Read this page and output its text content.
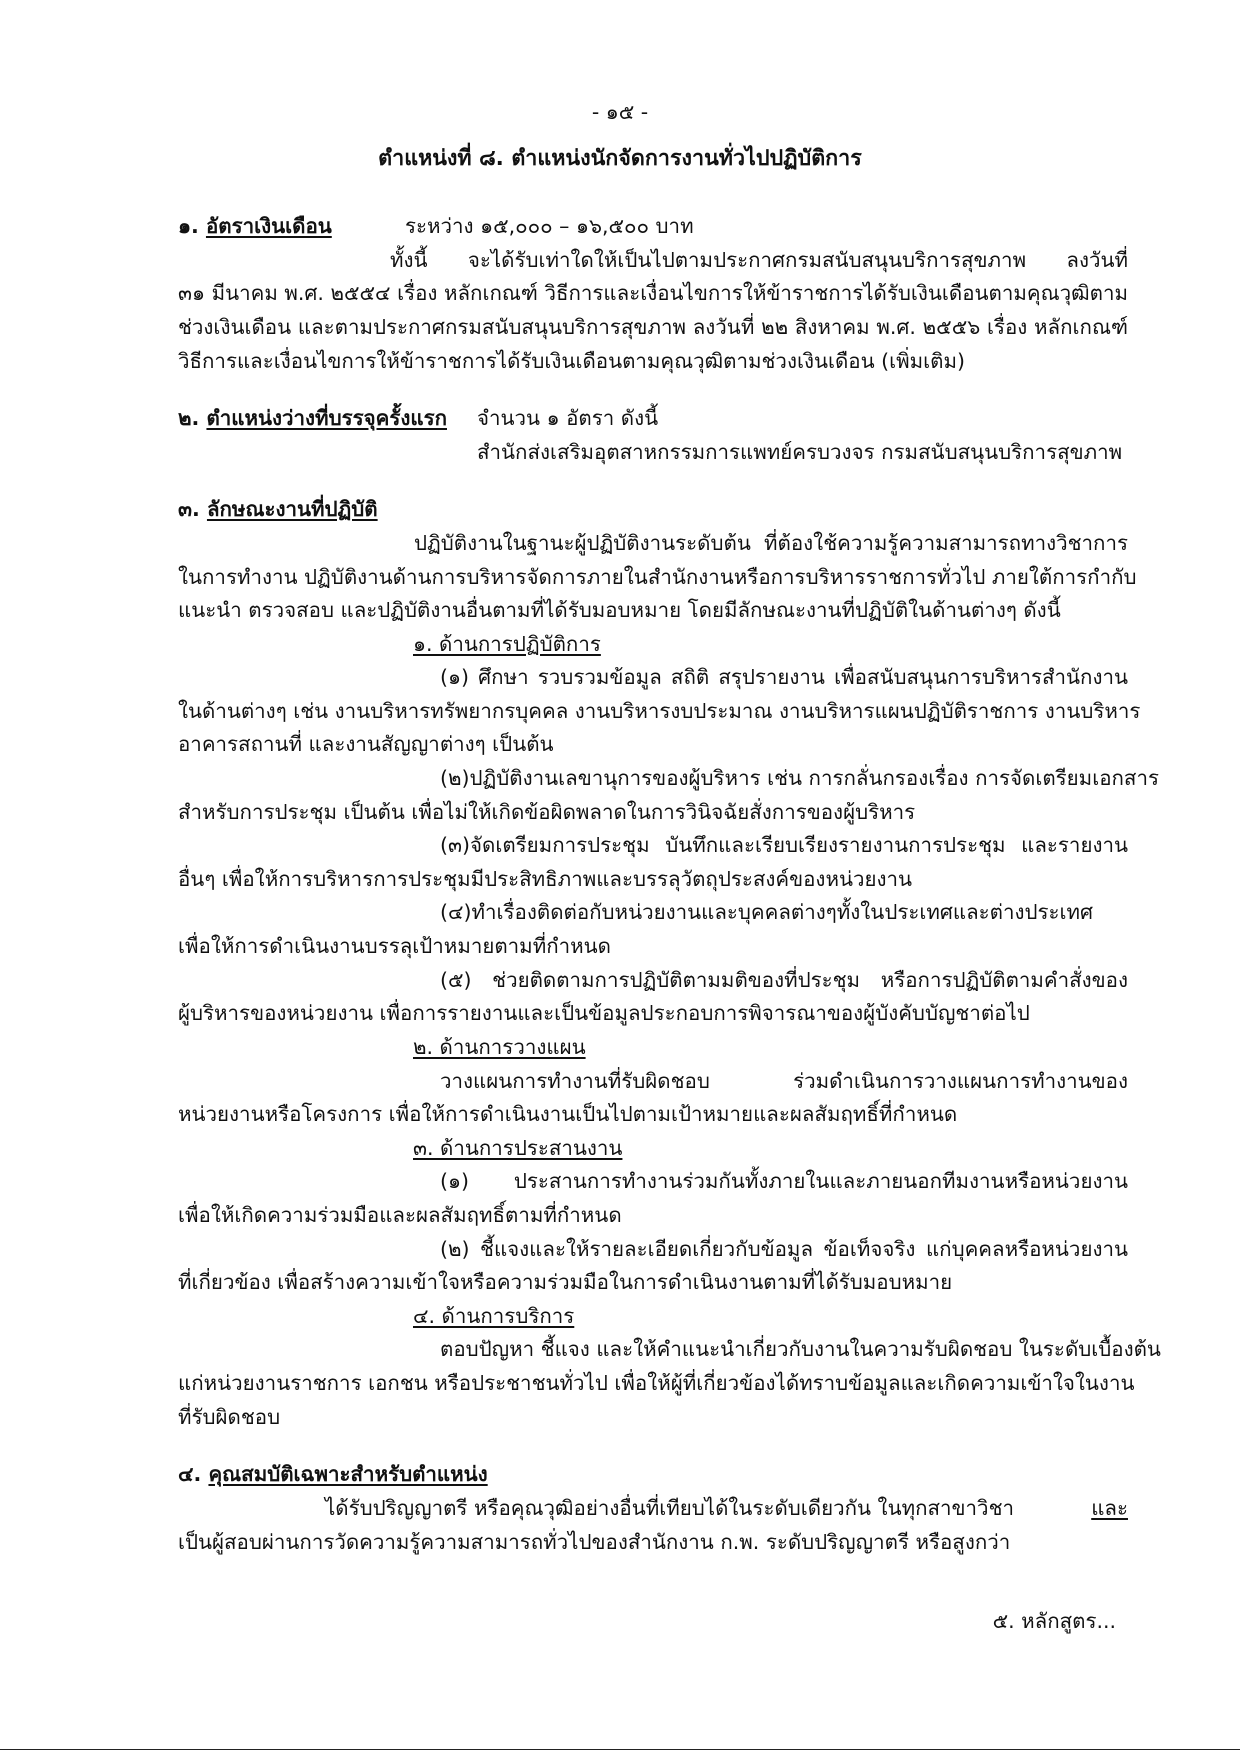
- ๑๕ -
ตำแหน่งที่ ๘. ตำแหน่งนักจัดการงานทั่วไปปฏิบัติการ
๑. อัตราเงินเดือน	ระหว่าง ๑๕,๐๐๐ – ๑๖,๕๐๐ บาท
ทั้งนี้ จะได้รับเท่าใดให้เป็นไปตามประกาศกรมสนับสนุนบริการสุขภาพ ลงวันที่
๓๑ มีนาคม พ.ศ. ๒๕๕๔ เรื่อง หลักเกณฑ์ วิธีการและเงื่อนไขการให้ข้าราชการได้รับเงินเดือนตามคุณวุฒิตาม
ช่วงเงินเดือน และตามประกาศกรมสนับสนุนบริการสุขภาพ ลงวันที่ ๒๒ สิงหาคม พ.ศ. ๒๕๕๖ เรื่อง หลักเกณฑ์
วิธีการและเงื่อนไขการให้ข้าราชการได้รับเงินเดือนตามคุณวุฒิตามช่วงเงินเดือน (เพิ่มเติม)
๒. ตำแหน่งว่างที่บรรจุครั้งแรก จำนวน ๑ อัตรา ดังนี้
สำนักส่งเสริมอุตสาหกรรมการแพทย์ครบวงจร กรมสนับสนุนบริการสุขภาพ
๓. ลักษณะงานที่ปฏิบัติ
ปฏิบัติงานในฐานะผู้ปฏิบัติงานระดับต้น ที่ต้องใช้ความรู้ความสามารถทางวิชาการ
ในการทำงาน ปฏิบัติงานด้านการบริหารจัดการภายในสำนักงานหรือการบริหารราชการทั่วไป ภายใต้การกำกับ
แนะนำ ตรวจสอบ และปฏิบัติงานอื่นตามที่ได้รับมอบหมาย โดยมีลักษณะงานที่ปฏิบัติในด้านต่างๆ ดังนี้
๑. ด้านการปฏิบัติการ
(๑) ศึกษา รวบรวมข้อมูล สถิติ สรุปรายงาน เพื่อสนับสนุนการบริหารสำนักงาน
ในด้านต่างๆ เช่น งานบริหารทรัพยากรบุคคล งานบริหารงบประมาณ งานบริหารแผนปฏิบัติราชการ งานบริหาร
อาคารสถานที่ และงานสัญญาต่างๆ เป็นต้น
(๒)ปฏิบัติงานเลขานุการของผู้บริหาร เช่น การกลั่นกรองเรื่อง การจัดเตรียมเอกสาร
สำหรับการประชุม เป็นต้น เพื่อไม่ให้เกิดข้อผิดพลาดในการวินิจฉัยสั่งการของผู้บริหาร
(๓)จัดเตรียมการประชุม บันทึกและเรียบเรียงรายงานการประชุม และรายงาน
อื่นๆ เพื่อให้การบริหารการประชุมมีประสิทธิภาพและบรรลุวัตถุประสงค์ของหน่วยงาน
(๔)ทำเรื่องติดต่อกับหน่วยงานและบุคคลต่างๆทั้งในประเทศและต่างประเทศ
เพื่อให้การดำเนินงานบรรลุเป้าหมายตามที่กำหนด
(๕) ช่วยติดตามการปฏิบัติตามมติของที่ประชุม หรือการปฏิบัติตามคำสั่งของ
ผู้บริหารของหน่วยงาน เพื่อการรายงานและเป็นข้อมูลประกอบการพิจารณาของผู้บังคับบัญชาต่อไป
๒. ด้านการวางแผน
วางแผนการทำงานที่รับผิดชอบ ร่วมดำเนินการวางแผนการทำงานของ
หน่วยงานหรือโครงการ เพื่อให้การดำเนินงานเป็นไปตามเป้าหมายและผลสัมฤทธิ์ที่กำหนด
๓. ด้านการประสานงาน
(๑) ประสานการทำงานร่วมกันทั้งภายในและภายนอกทีมงานหรือหน่วยงาน
เพื่อให้เกิดความร่วมมือและผลสัมฤทธิ์ตามที่กำหนด
(๒) ชี้แจงและให้รายละเอียดเกี่ยวกับข้อมูล ข้อเท็จจริง แก่บุคคลหรือหน่วยงาน
ที่เกี่ยวข้อง เพื่อสร้างความเข้าใจหรือความร่วมมือในการดำเนินงานตามที่ได้รับมอบหมาย
๔. ด้านการบริการ
ตอบปัญหา ชี้แจง และให้คำแนะนำเกี่ยวกับงานในความรับผิดชอบ ในระดับเบื้องต้น
แก่หน่วยงานราชการ เอกชน หรือประชาชนทั่วไป เพื่อให้ผู้ที่เกี่ยวข้องได้ทราบข้อมูลและเกิดความเข้าใจในงาน
ที่รับผิดชอบ
๔. คุณสมบัติเฉพาะสำหรับตำแหน่ง
ได้รับปริญญาตรี หรือคุณวุฒิอย่างอื่นที่เทียบได้ในระดับเดียวกัน ในทุกสาขาวิชา	และ
เป็นผู้สอบผ่านการวัดความรู้ความสามารถทั่วไปของสำนักงาน ก.พ. ระดับปริญญาตรี หรือสูงกว่า
๕. หลักสูตร...
